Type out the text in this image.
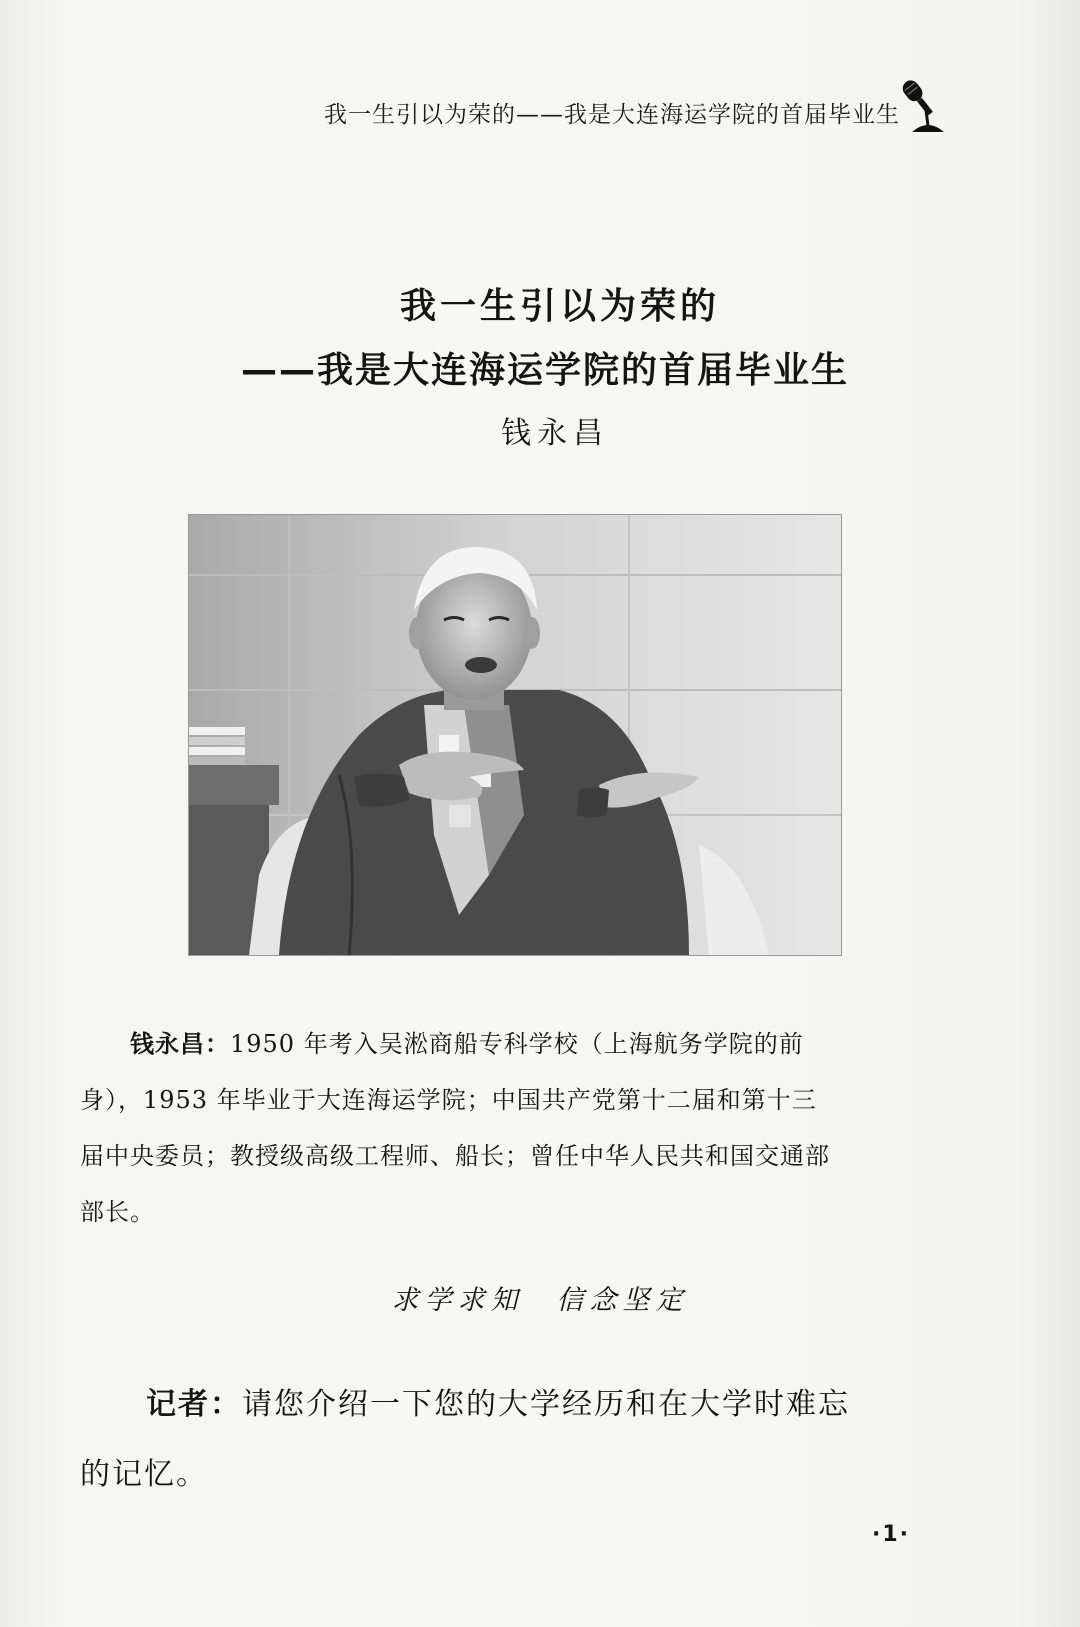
我一生引以为荣的——我是大连海运学院的首届毕业生
我一生引以为荣的
——我是大连海运学院的首届毕业生
钱永昌
钱永昌：1950 年考入吴淞商船专科学校（上海航务学院的前
身），1953 年毕业于大连海运学院；中国共产党第十二届和第十三
届中央委员；教授级高级工程师、船长；曾任中华人民共和国交通部
部长。
求学求知　信念坚定
记者：请您介绍一下您的大学经历和在大学时难忘
的记忆。
·1·
